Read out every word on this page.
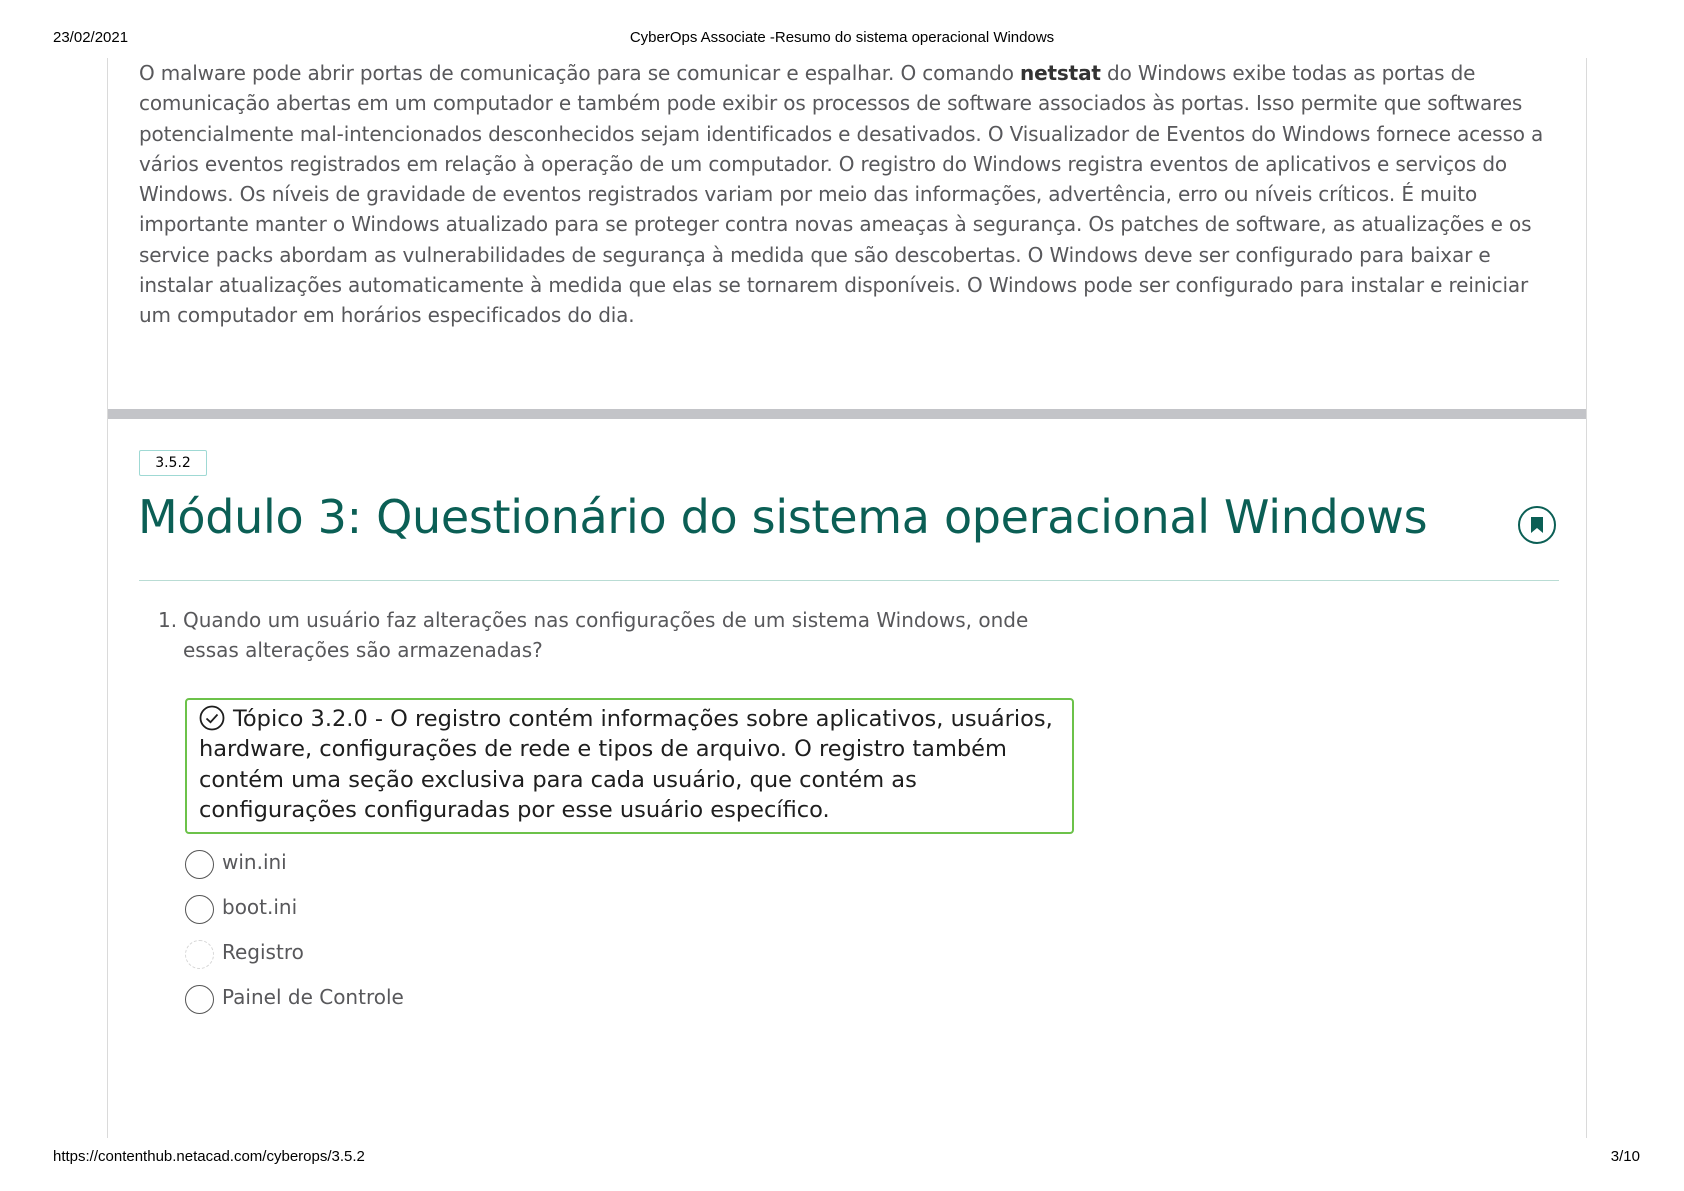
23/02/2021	CyberOps Associate -Resumo do sistema operacional Windows

O malware pode abrir portas de comunicação para se comunicar e espalhar. O comando netstat do Windows exibe todas as portas de comunicação abertas em um computador e também pode exibir os processos de software associados às portas. Isso permite que softwares potencialmente mal-intencionados desconhecidos sejam identificados e desativados. O Visualizador de Eventos do Windows fornece acesso a vários eventos registrados em relação à operação de um computador. O registro do Windows registra eventos de aplicativos e serviços do Windows. Os níveis de gravidade de eventos registrados variam por meio das informações, advertência, erro ou níveis críticos. É muito importante manter o Windows atualizado para se proteger contra novas ameaças à segurança. Os patches de software, as atualizações e os service packs abordam as vulnerabilidades de segurança à medida que são descobertas. O Windows deve ser configurado para baixar e instalar atualizações automaticamente à medida que elas se tornarem disponíveis. O Windows pode ser configurado para instalar e reiniciar um computador em horários especificados do dia.

3.5.2
Módulo 3: Questionário do sistema operacional Windows
1. Quando um usuário faz alterações nas configurações de um sistema Windows, onde essas alterações são armazenadas?
Tópico 3.2.0 - O registro contém informações sobre aplicativos, usuários, hardware, configurações de rede e tipos de arquivo. O registro também contém uma seção exclusiva para cada usuário, que contém as configurações configuradas por esse usuário específico.
win.ini
boot.ini
Registro
Painel de Controle
https://contenthub.netacad.com/cyberops/3.5.2	3/10
